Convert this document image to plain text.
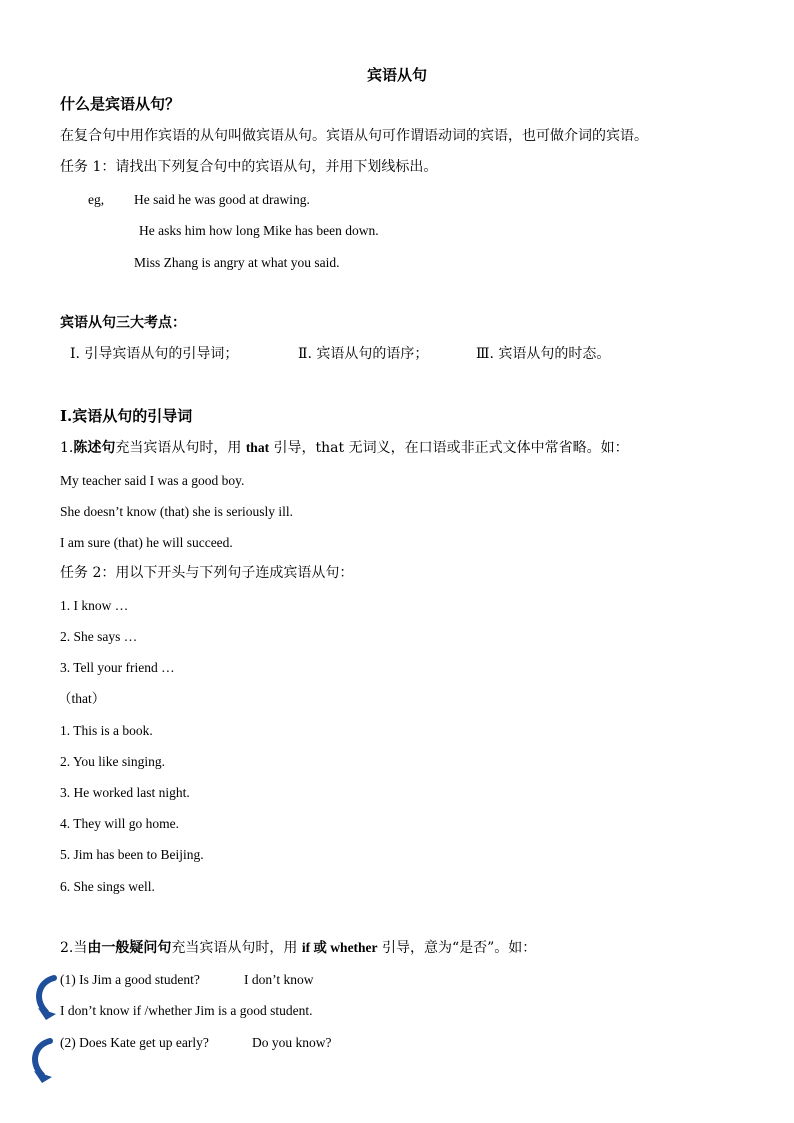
宾语从句
什么是宾语从句？
在复合句中用作宾语的从句叫做宾语从句。宾语从句可作谓语动词的宾语，也可做介词的宾语。
任务 1：请找出下列复合句中的宾语从句，并用下划线标出。
eg, He said he was good at drawing.
He asks him how long Mike has been down.
Miss Zhang is angry at what you said.
宾语从句三大考点：
Ⅰ. 引导宾语从句的引导词；	Ⅱ. 宾语从句的语序；	Ⅲ. 宾语从句的时态。
Ⅰ.宾语从句的引导词
1.陈述句充当宾语从句时，用 that 引导，that 无词义，在口语或非正式文体中常省略。如：
My teacher said I was a good boy.
She doesn’t know (that) she is seriously ill.
I am sure (that) he will succeed.
任务 2：用以下开头与下列句子连成宾语从句：
1. I know …
2. She says …
3. Tell your friend …
（that）
1. This is a book.
2. You like singing.
3. He worked last night.
4. They will go home.
5. Jim has been to Beijing.
6. She sings well.
2.当由一般疑问句充当宾语从句时，用 if 或 whether 引导，意为“是否”。如：
(1) Is Jim a good student?	I don’t know
I don’t know if /whether Jim is a good student.
(2) Does Kate get up early?	Do you know?
